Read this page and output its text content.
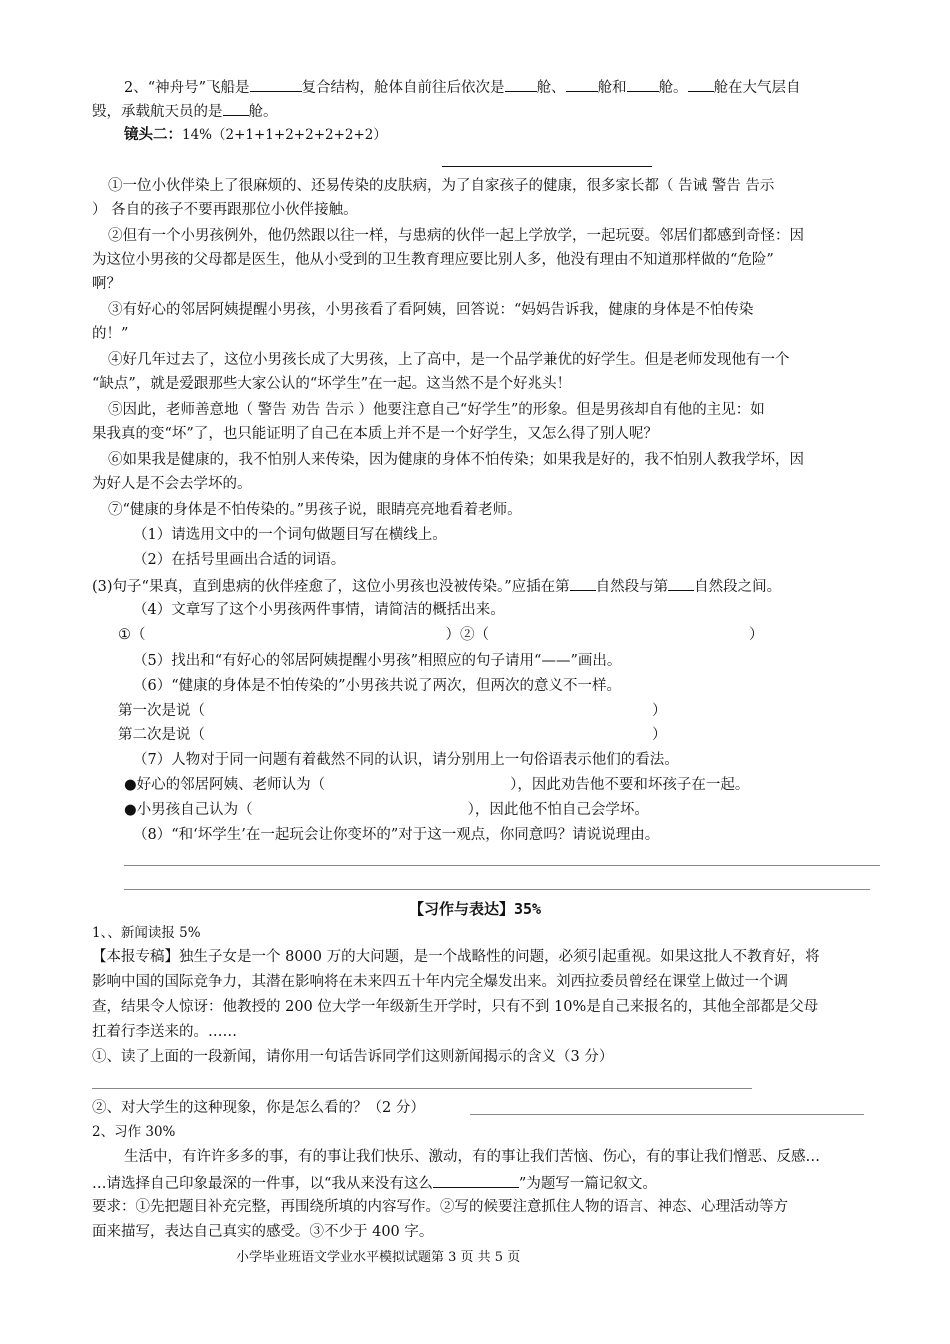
2、“神舟号”飞船是	复合结构，舱体自前往后依次是 舱、 舱和 舱。 舱在大气层自
毁，承载航天员的是 舱。
镜头二：14%（2+1+1+2+2+2+2+2）
①一位小伙伴染上了很麻烦的、还易传染的皮肤病，为了自家孩子的健康，很多家长都（ 告诫 警告 告示
） 各自的孩子不要再跟那位小伙伴接触。
②但有一个小男孩例外，他仍然跟以往一样，与患病的伙伴一起上学放学，一起玩耍。邻居们都感到奇怪：因
为这位小男孩的父母都是医生，他从小受到的卫生教育理应要比别人多，他没有理由不知道那样做的“危险”
啊？
③有好心的邻居阿姨提醒小男孩，小男孩看了看阿姨，回答说：“妈妈告诉我，健康的身体是不怕传染
的！”
④好几年过去了，这位小男孩长成了大男孩，上了高中，是一个品学兼优的好学生。但是老师发现他有一个
“缺点”，就是爱跟那些大家公认的“坏学生”在一起。这当然不是个好兆头！
⑤因此，老师善意地（ 警告 劝告 告示 ）他要注意自己“好学生”的形象。但是男孩却自有他的主见：如
果我真的变“坏”了，也只能证明了自己在本质上并不是一个好学生，又怎么得了别人呢？
⑥如果我是健康的，我不怕别人来传染，因为健康的身体不怕传染；如果我是好的，我不怕别人教我学坏，因
为好人是不会去学坏的。
⑦“健康的身体是不怕传染的。”男孩子说，眼睛亮亮地看着老师。
（1）请选用文中的一个词句做题目写在横线上。
（2）在括号里画出合适的词语。
(3)句子“果真，直到患病的伙伴痊愈了，这位小男孩也没被传染。”应插在第 自然段与第 自然段之间。
（4）文章写了这个小男孩两件事情，请简洁的概括出来。
①（	）②（	）
（5）找出和“有好心的邻居阿姨提醒小男孩”相照应的句子请用“——”画出。
（6）“健康的身体是不怕传染的”小男孩共说了两次，但两次的意义不一样。
第一次是说（	）
第二次是说（	）
（7）人物对于同一问题有着截然不同的认识，请分别用上一句俗语表示他们的看法。
●好心的邻居阿姨、老师认为（	），因此劝告他不要和坏孩子在一起。
●小男孩自己认为（	），因此他不怕自己会学坏。
（8）“和‘坏学生’在一起玩会让你变坏的”对于这一观点，你同意吗？请说说理由。
【习作与表达】35%
1、、新闻读报 5%
【本报专稿】独生子女是一个 8000 万的大问题，是一个战略性的问题，必须引起重视。如果这批人不教育好，将
影响中国的国际竞争力，其潜在影响将在未来四五十年内完全爆发出来。刘西拉委员曾经在课堂上做过一个调
查，结果令人惊讶：他教授的 200 位大学一年级新生开学时，只有不到 10%是自己来报名的，其他全部都是父母
扛着行李送来的。……
①、读了上面的一段新闻，请你用一句话告诉同学们这则新闻揭示的含义（3 分）
②、对大学生的这种现象，你是怎么看的？（2 分）
2、习作 30%
生活中，有许许多多的事，有的事让我们快乐、激动，有的事让我们苦恼、伤心，有的事让我们憎恶、反感…
…请选择自己印象最深的一件事，以“我从来没有这么	”为题写一篇记叙文。
要求：①先把题目补充完整，再围绕所填的内容写作。②写的候要注意抓住人物的语言、神态、心理活动等方
面来描写，表达自己真实的感受。③不少于 400 字。
小学毕业班语文学业水平模拟试题第 3 页 共 5 页
